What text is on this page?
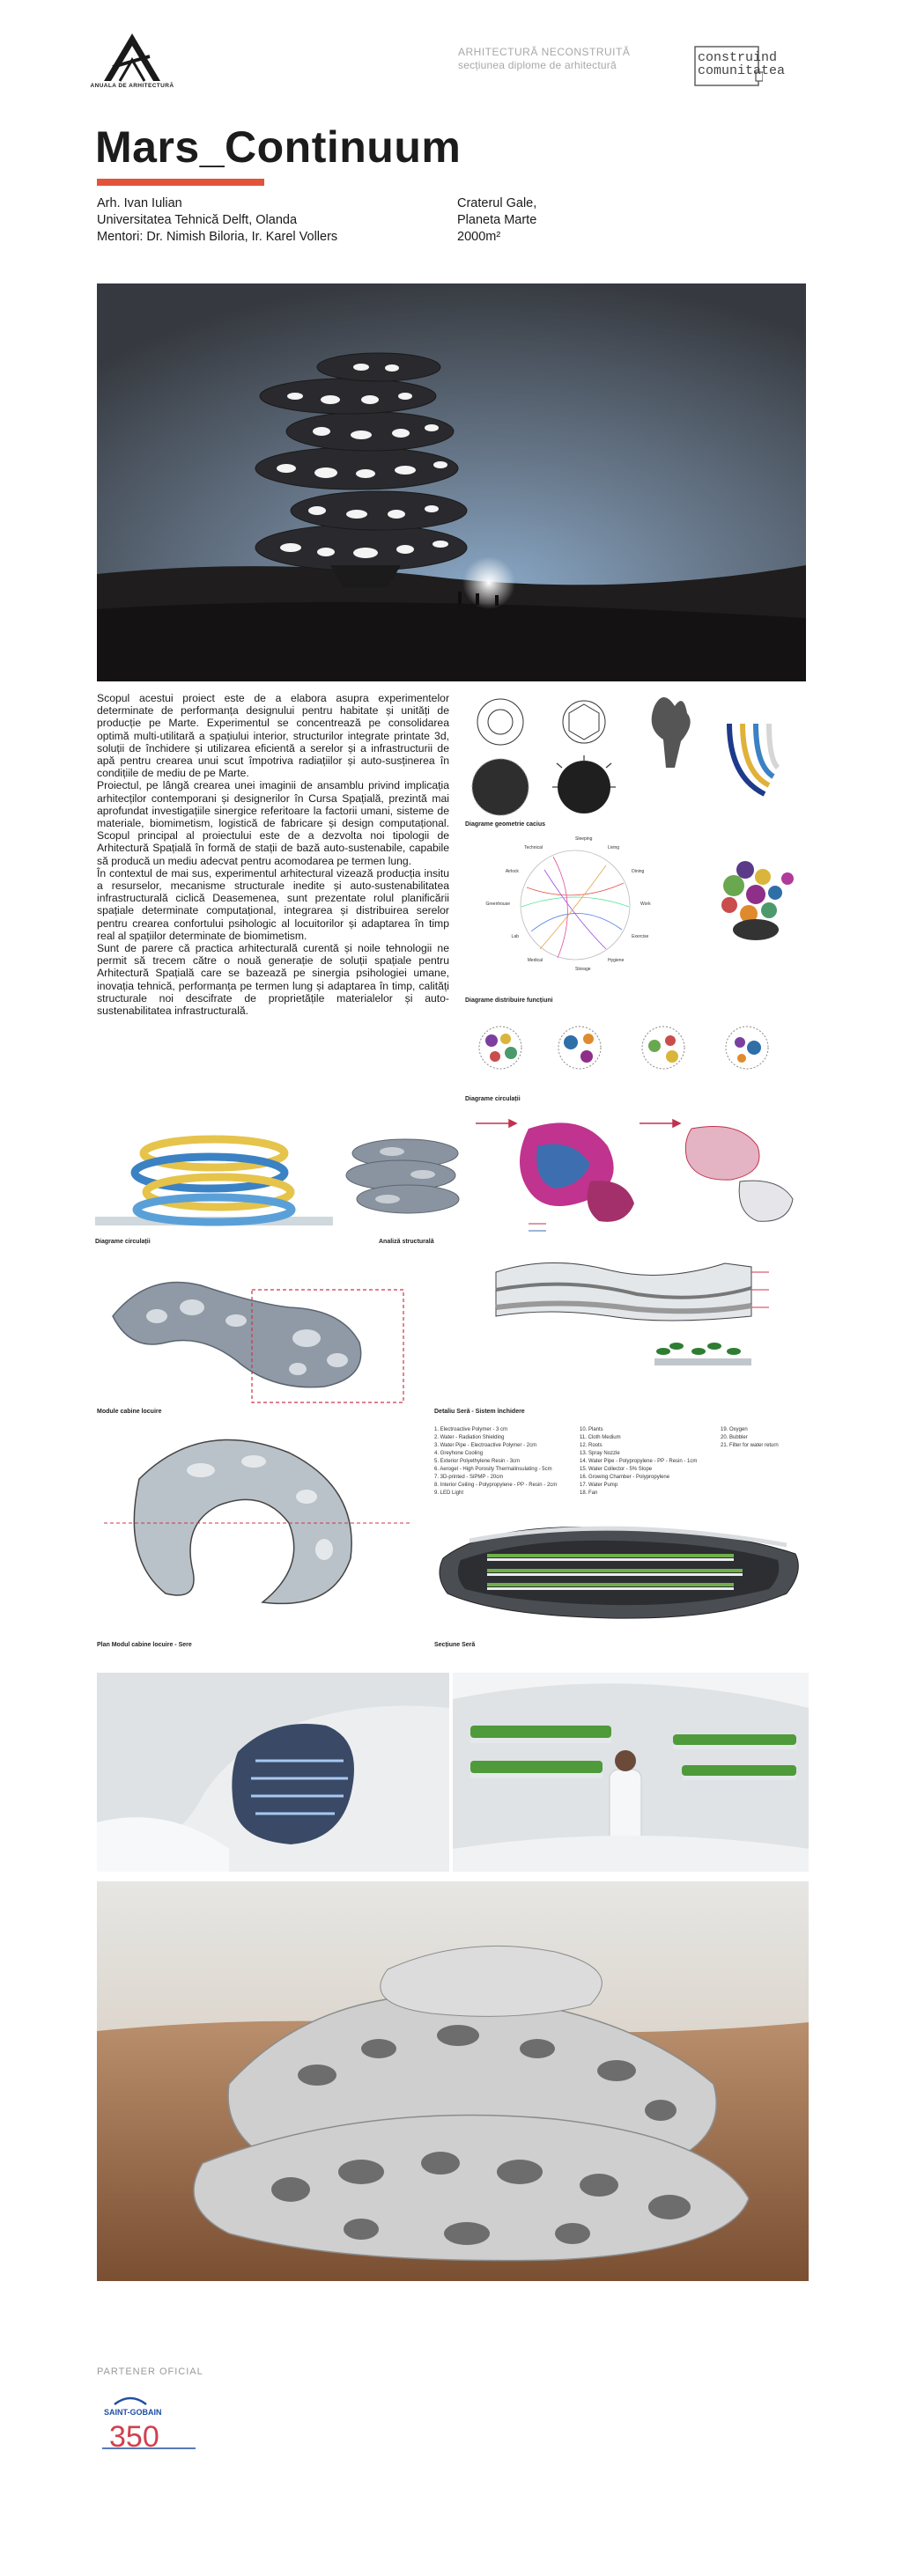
ANUALA DE ARHITECTURĂ
ARHITECTURĂ NECONSTRUITĂ
secțiunea diplome de arhitectură	construind
comunitatea
Mars_Continuum
Arh. Ivan Iulian
Universitatea Tehnică Delft, Olanda
Mentori: Dr. Nimish Biloria, Ir. Karel Vollers
Craterul Gale,
Planeta Marte
2000m²

Scopul acestui proiect este de a elabora asupra experimentelor determinate de performanța designului pentru habitate și unități de producție pe Marte. Experimentul se concentrează pe consolidarea optimă multi-utilitară a spațiului interior, structurilor integrate printate 3d, soluții de închidere și utilizarea eficientă a serelor și a infrastructurii de apă pentru crearea unui scut împotriva radiațiilor și auto-susținerea în condițiile de mediu de pe Marte.

Proiectul, pe lângă crearea unei imaginii de ansamblu privind implicația arhitecților contemporani și designerilor în Cursa Spațială, prezintă mai aprofundat investigațiile sinergice referitoare la factorii umani, sisteme de materiale, biomimetism, logistică de fabricare și design computațional. Scopul principal al proiectului este de a dezvolta noi tipologii de Arhitectură Spațială în formă de stații de bază auto-sustenabile, capabile să producă un mediu adecvat pentru acomodarea pe termen lung.

În contextul de mai sus, experimentul arhitectural vizează producția insitu a resurselor, mecanisme structurale inedite și auto-sustenabilitatea infrastructurală ciclică Deasemenea, sunt prezentate rolul planificării spațiale determinate computațional, integrarea și distribuirea serelor pentru crearea confortului psihologic al locuitorilor și adaptarea în timp real al spațiilor determinate de biomimetism.

Sunt de parere că practica arhitecturală curentă și noile tehnologii ne permit să trecem către o nouă generație de soluții spațiale pentru Arhitectură Spațială care se bazează pe sinergia psihologiei umane, inovația tehnică, performanța pe termen lung și adaptarea în timp, calități structurale noi descifrate de proprietățile materialelor și auto-sustenabilitatea infrastructurală.

Diagrame geometrie cacius
Sleeping
Living
Dining
Work
Exercise
Hygiene
Storage
Medical
Lab
Greenhouse
Airlock
Technical
Diagrame distribuire funcțiuni
Diagrame circulații
Diagrame circulații	Analiză structurală
Module cabine locuire	Detaliu Seră - Sistem închidere
Plan Modul cabine locuire - Sere
1. Electroactive Polymer - 3 cm
2. Water - Radiation Shielding
3. Water Pipe - Electroactive Polymer - 2cm
4. Greyhone Cooling
5. Exterior Polyethylene Resin - 3cm
6. Aerogel - High Porosity Thermalinsulating - 5cm
7. 3D-printed - SiPMP - 20cm
8. Interior Ceiling - Polypropylene - PP - Resin - 2cm
9. LED Light
10. Plants
11. Cloth Medium
12. Roots
13. Spray Nozzle
14. Water Pipe - Polypropylene - PP - Resin - 1cm
15. Water Collector - 5% Slope
16. Growing Chamber - Polypropylene
17. Water Pump
18. Fan
19. Oxygen
20. Bubbler
21. Filter for water return
Secțiune Seră
PARTENER OFICIAL
SAINT-GOBAIN
350
